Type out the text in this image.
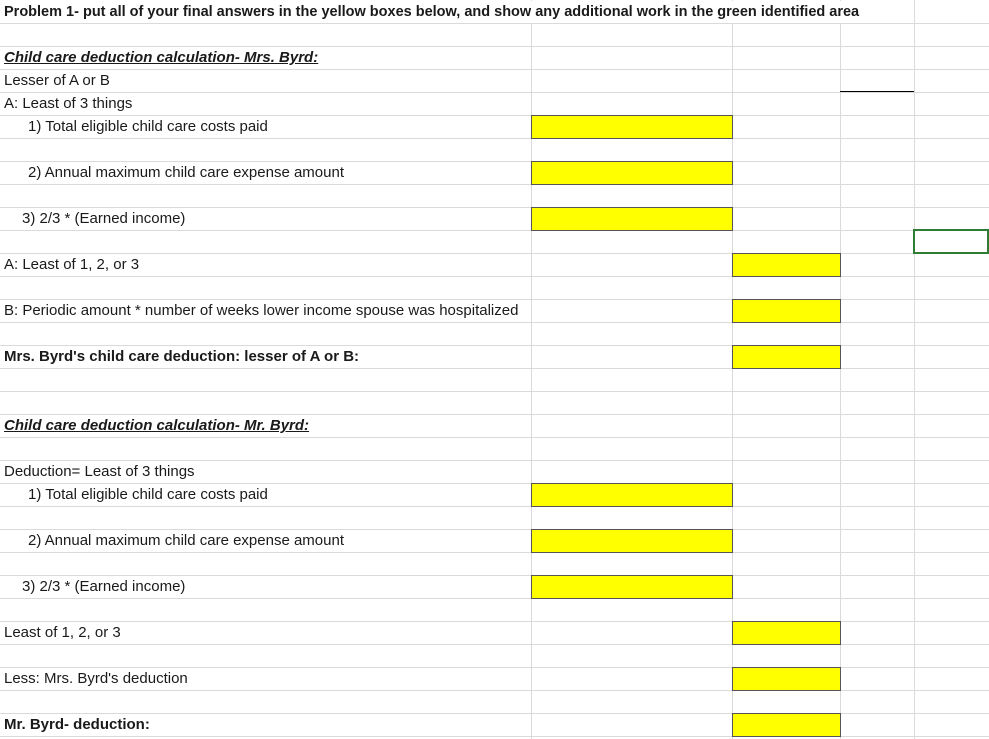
Problem 1- put all of your final answers in the yellow boxes below, and show any additional work in the green identified area
Child care deduction calculation- Mrs. Byrd:
Lesser of A or B
A: Least of 3 things
1) Total eligible child care costs paid
2) Annual maximum child care expense amount
3) 2/3 * (Earned income)
A: Least of 1, 2, or 3
B: Periodic amount * number of weeks lower income spouse was hospitalized
Mrs. Byrd's child care deduction: lesser of A or B:
Child care deduction calculation- Mr. Byrd:
Deduction= Least of 3 things
1) Total eligible child care costs paid
2) Annual maximum child care expense amount
3) 2/3 * (Earned income)
Least of 1, 2, or 3
Less: Mrs. Byrd's deduction
Mr. Byrd- deduction:
